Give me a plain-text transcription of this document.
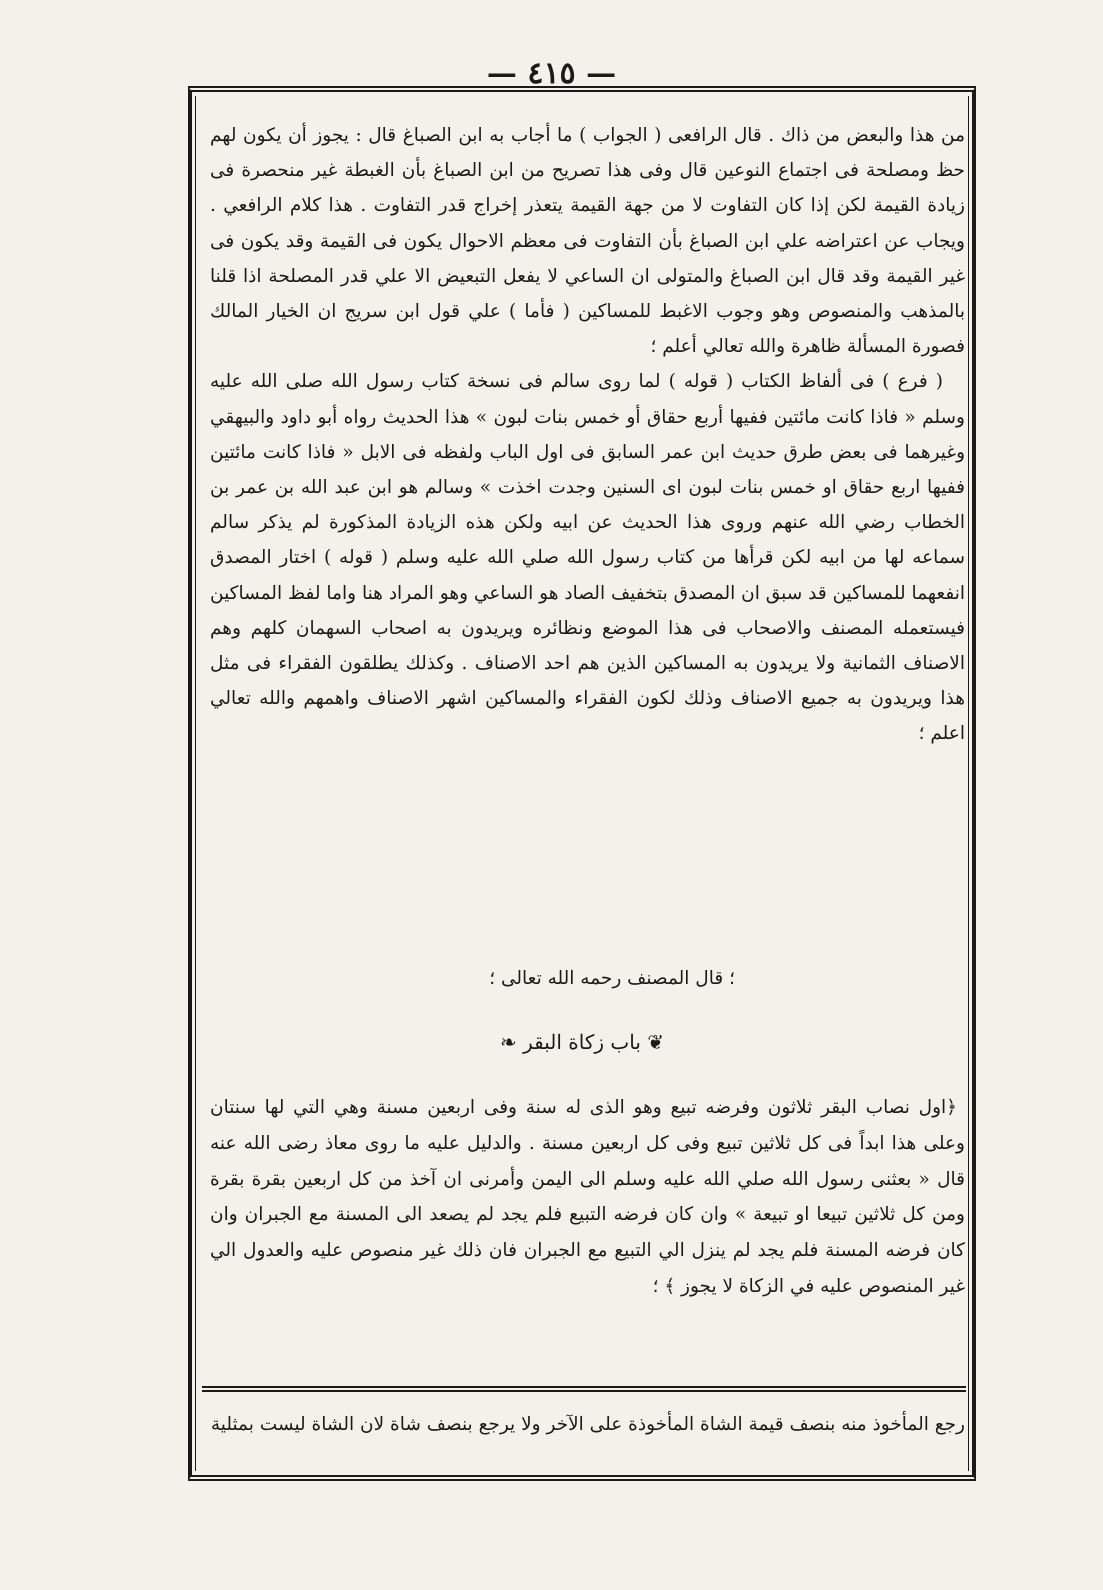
— ٤١٥ —

من هذا والبعض من ذاك . قال الرافعى ( الجواب ) ما أجاب به ابن الصباغ قال : يجوز أن يكون لهم حظ ومصلحة فى اجتماع النوعين قال وفى هذا تصريح من ابن الصباغ بأن الغبطة غير منحصرة فى زيادة القيمة لكن إذا كان التفاوت لا من جهة القيمة يتعذر إخراج قدر التفاوت . هذا كلام الرافعي . ويجاب عن اعتراضه علي ابن الصباغ بأن التفاوت فى معظم الاحوال يكون فى القيمة وقد يكون فى غير القيمة وقد قال ابن الصباغ والمتولى ان الساعي لا يفعل التبعيض الا علي قدر المصلحة اذا قلنا بالمذهب والمنصوص وهو وجوب الاغبط للمساكين ( فأما ) علي قول ابن سريج ان الخيار المالك فصورة المسألة ظاهرة والله تعالي أعلم ؛

( فرع ) فى ألفاظ الكتاب ( قوله ) لما روى سالم فى نسخة كتاب رسول الله صلى الله عليه وسلم « فاذا كانت مائتين ففيها أربع حقاق أو خمس بنات لبون » هذا الحديث رواه أبو داود والبيهقي وغيرهما فى بعض طرق حديث ابن عمر السابق فى اول الباب ولفظه فى الابل « فاذا كانت مائتين ففيها اربع حقاق او خمس بنات لبون اى السنين وجدت اخذت » وسالم هو ابن عبد الله بن عمر بن الخطاب رضي الله عنهم وروى هذا الحديث عن ابيه ولكن هذه الزيادة المذكورة لم يذكر سالم سماعه لها من ابيه لكن قرأها من كتاب رسول الله صلي الله عليه وسلم ( قوله ) اختار المصدق انفعهما للمساكين قد سبق ان المصدق بتخفيف الصاد هو الساعي وهو المراد هنا واما لفظ المساكين فيستعمله المصنف والاصحاب فى هذا الموضع ونظائره ويريدون به اصحاب السهمان كلهم وهم الاصناف الثمانية ولا يريدون به المساكين الذين هم احد الاصناف . وكذلك يطلقون الفقراء فى مثل هذا ويريدون به جميع الاصناف وذلك لكون الفقراء والمساكين اشهر الاصناف واهمهم والله تعالي اعلم ؛

؛ قال المصنف رحمه الله تعالى ؛
❦ باب زكاة البقر ❧

﴿اول نصاب البقر ثلاثون وفرضه تبيع وهو الذى له سنة وفى اربعين مسنة وهي التي لها سنتان وعلى هذا ابداً فى كل ثلاثين تبيع وفى كل اربعين مسنة . والدليل عليه ما روى معاذ رضى الله عنه قال « بعثنى رسول الله صلي الله عليه وسلم الى اليمن وأمرنى ان آخذ من كل اربعين بقرة بقرة ومن كل ثلاثين تبيعا او تبيعة » وان كان فرضه التبيع فلم يجد لم يصعد الى المسنة مع الجبران وان كان فرضه المسنة فلم يجد لم ينزل الي التبيع مع الجبران فان ذلك غير منصوص عليه والعدول الي غير المنصوص عليه في الزكاة لا يجوز ﴾ ؛

رجع المأخوذ منه بنصف قيمة الشاة المأخوذة على الآخر ولا يرجع بنصف شاة لان الشاة ليست بمثلية
